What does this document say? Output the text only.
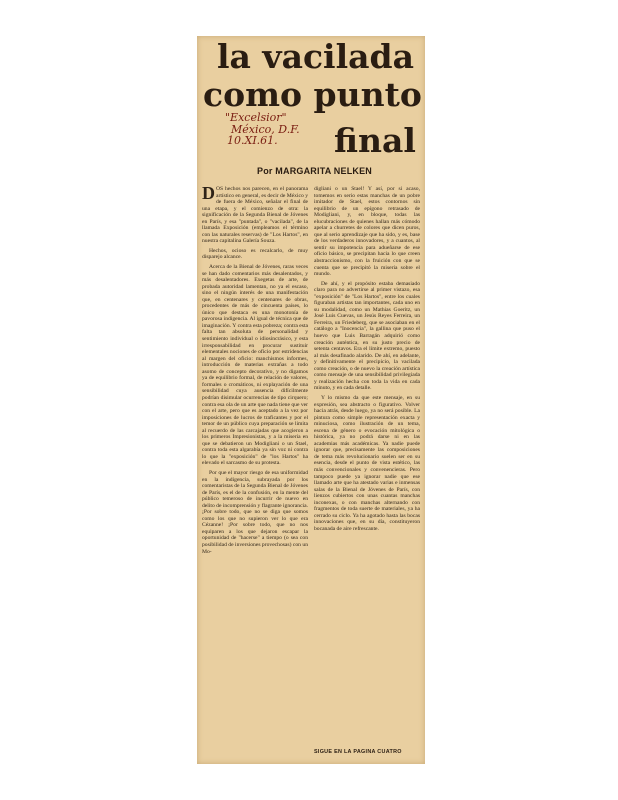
la vacilada
como punto
final
"Excelsior"
México, D.F.
10.XI.61.
Por MARGARITA NELKEN

DOS hechos nos parecen, en el panorama artístico en general, es decir de México y de fuera de México, señalar el final de una etapa, y el comienzo de otra: la significación de la Segunda Bienal de Jóvenes en París, y esa "puntada", o "vacilada", de la llamada Exposición (empleamos el término con las naturales reservas) de "Los Hartos", en nuestra capitalina Galería Souza.

Hechos, ocioso es recalcarlo, de muy disparejo alcance.

Acerca de la Bienal de Jóvenes, raras veces se han dado comentarios más desalentados, y más desalentadores. Exegetas de arte, de probada autoridad lamentan, no ya el escaso, sino el ningún interés de una manifestación que, en centenares y centenares de obras, procedentes de más de cincuenta países, lo único que destaca es una monotonía de pavorosa indigencia. Al igual de técnica que de imaginación. Y contra esta pobreza; contra esta falta tan absoluta de personalidad y sentimiento individual o idiosincrásico, y esta irresponsabilidad en procurar sustituir elementales nociones de oficio por estridencias al margen del oficio: manchismos informes, introducción de materias extrañas a todo asomo de concepto decorativo, y no digamos ya de equilibrio formal, de relación de valores, formales o cromáticos, ni explayación de una sensibilidad cuya ausencia difícilmente podrían disimular ocurrencias de tipo cirquero; contra esa ola de un arte que nada tiene que ver con el arte, pero que es aceptado a la vez por imposiciones de lucros de traficantes y por el temor de un público cuya preparación se limita al recuerdo de las carcajadas que acogieron a los primeros Impresionistas, y a la miseria en que se debatieron un Modigliani o un Stael, contra toda esta algarabía ya sin voz ni contra lo que la "exposición" de "los Hartos" ha elevado el sarcasmo de su protesta.

Por que el mayor riesgo de esa uniformidad en la indigencia, subrayada por los comentaristas de la Segunda Bienal de Jóvenes de París, es el de la confusión, en la mente del público temeroso de incurrir de nuevo en delito de incomprensión y flagrante ignorancia. ¡Por sobre todo, que no se diga que somos como los que no supieron ver lo que era Cézanne! ¡Por sobre todo, que no nos equiparen a los que dejaron escapar la oportunidad de "hacerse" a tiempo (o sea con posibilidad de inversiones provechosas) con un Mo-

digliani o un Stael! Y así, por si acaso, tomemos en serio estas manchas de un pobre imitador de Stael, estos contornos sin equilibrio de un epígono retrasado de Modigliani, y, en bloque, todas las elucubraciones de quienes hallan más cómodo apelar a churretes de colores que dicen puros, que al serio aprendizaje que ha sido, y es, base de los verdaderos innovadores, y a cuantos, al sentir su impotencia para adueñarse de ese oficio básico, se precipitan hacia lo que creen abstraccionismo, con la fruición con que se cuenta que se precipitó la miseria sobre el mundo.

De ahí, y el propósito estaba demasiado claro para no advertirse al primer vistazo, esa "exposición" de "Los Hartos", entre los cuales figuraban artistas tan importantes, cada uno en su modalidad, como un Mathias Goeritz, un José Luis Cuevas, un Jesús Reyes Ferreira, un Ferreira, un Friedeberg, que se asociaban en el catálogo a "Inocencia", la gallina que puso el huevo que Luis Barragán adquirió como creación auténtica, en su justo precio de setenta centavos. Era el límite extremo, puesto al más desafinado alarido. De ahí, en adelante, y definitivamente el precipicio, la vacilada como creación, o de nuevo la creación artística como mensaje de una sensibilidad privilegiada y realización hecha con toda la vida en cada minuto, y en cada detalle.

Y lo mismo da que este mensaje, en su expresión, sea abstracto o figurativo. Volver hacia atrás, desde luego, ya no será posible. La pintura como simple representación exacta y minuciosa, como ilustración de un tema, escena de género o evocación mitológica o histórica, ya no podrá darse ni en las academias más académicas. Ya nadie puede ignorar que, precisamente las composiciones de tema más revolucionario suelen ser en su esencia, desde el punto de vista estético, las más convencionales y convenencieras. Pero tampoco puede ya ignorar nadie que ese llamado arte que ha atestado varias e inmensas salas de la Bienal de Jóvenes de París, con lienzos cubiertos con unas cuantas manchas inconexas, o con manchas alternando con fragmentos de toda suerte de materiales, ya ha cerrado su ciclo. Ya ha agotado hasta las bocas innovaciones que, en su día, constituyeron bocanada de aire refrescante.

SIGUE EN LA PAGINA CUATRO
